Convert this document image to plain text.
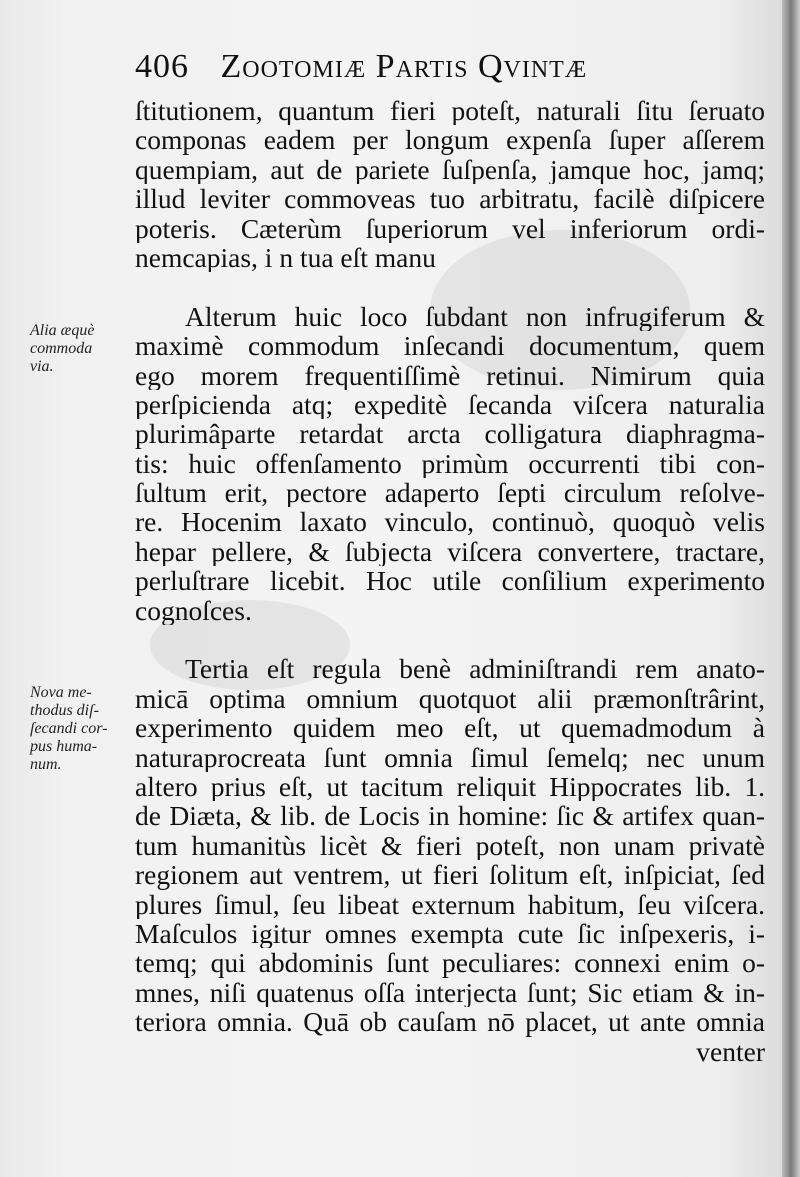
406 Zootomiæ Partis Qvintæ
ſtitutionem, quantum fieri poteſt, naturali ſitu ſeruato
componas eadem per longum expenſa ſuper aſſerem
quempiam, aut de pariete ſuſpenſa, jamque hoc, jamq;
illud leviter commoveas tuo arbitratu, facilè diſpicere
poteris. Cæterùm ſuperiorum vel inferiorum ordi-
nemcapias, i n tua eſt manu
Alterum huic loco ſubdant non infrugiferum &
maximè commodum inſecandi documentum, quem
ego morem frequentiſſimè retinui. Nimirum quia
perſpicienda atq; expeditè ſecanda viſcera naturalia
plurimâparte retardat arcta colligatura diaphragma-
tis: huic offenſamento primùm occurrenti tibi con-
ſultum erit, pectore adaperto ſepti circulum reſolve-
re. Hocenim laxato vinculo, continuò, quoquò velis
hepar pellere, & ſubjecta viſcera convertere, tractare,
perluſtrare licebit. Hoc utile conſilium experimento
cognoſces.
Tertia eſt regula benè adminiſtrandi rem anato-
micā optima omnium quotquot alii præmonſtrârint,
experimento quidem meo eſt, ut quemadmodum à
naturaprocreata ſunt omnia ſimul ſemelq; nec unum
altero prius eſt, ut tacitum reliquit Hippocrates lib. 1.
de Diæta, & lib. de Locis in homine: ſic & artifex quan-
tum humanitùs licèt & fieri poteſt, non unam privatè
regionem aut ventrem, ut fieri ſolitum eſt, inſpiciat, ſed
plures ſimul, ſeu libeat externum habitum, ſeu viſcera.
Maſculos igitur omnes exempta cute ſic inſpexeris, i-
temq; qui abdominis ſunt peculiares: connexi enim o-
mnes, niſi quatenus oſſa interjecta ſunt; Sic etiam & in-
teriora omnia. Quā ob cauſam nō placet, ut ante omnia
venter
Alia æquè
commoda
via.
Nova me-
thodus diſ-
ſecandi cor-
pus huma-
num.
